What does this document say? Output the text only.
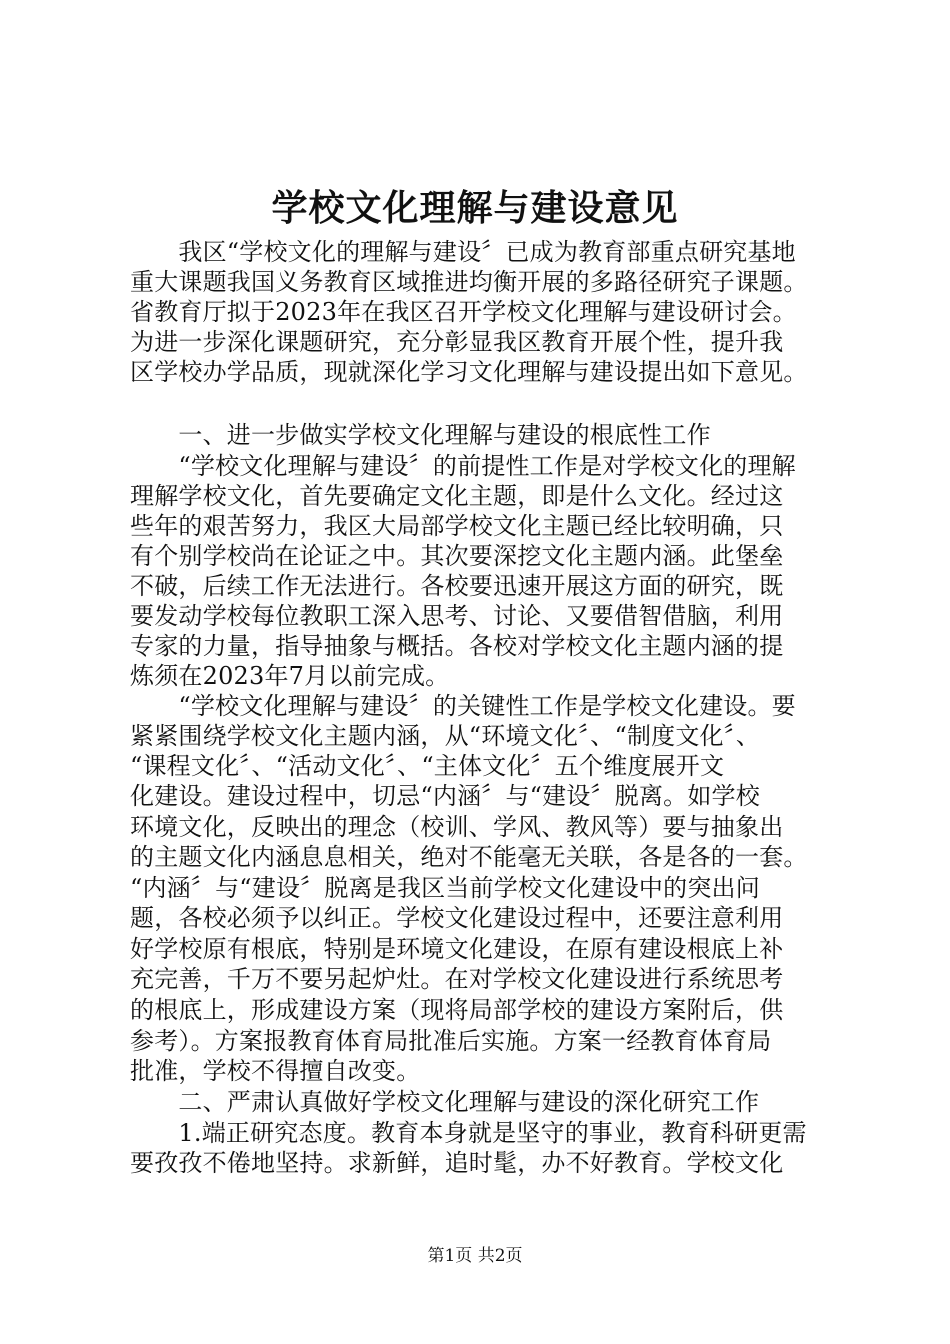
学校文化理解与建设意见
　　我区“学校文化的理解与建设〞已成为教育部重点研究基地
重大课题我国义务教育区域推进均衡开展的多路径研究子课题。
省教育厅拟于2023年在我区召开学校文化理解与建设研讨会。
为进一步深化课题研究，充分彰显我区教育开展个性，提升我
区学校办学品质，现就深化学习文化理解与建设提出如下意见。
　　一、进一步做实学校文化理解与建设的根底性工作
　　“学校文化理解与建设〞的前提性工作是对学校文化的理解
理解学校文化，首先要确定文化主题，即是什么文化。经过这
些年的艰苦努力，我区大局部学校文化主题已经比较明确，只
有个别学校尚在论证之中。其次要深挖文化主题内涵。此堡垒
不破，后续工作无法进行。各校要迅速开展这方面的研究，既
要发动学校每位教职工深入思考、讨论、又要借智借脑，利用
专家的力量，指导抽象与概括。各校对学校文化主题内涵的提
炼须在2023年7月以前完成。
　　“学校文化理解与建设〞的关键性工作是学校文化建设。要
紧紧围绕学校文化主题内涵，从“环境文化〞、“制度文化〞、
“课程文化〞、“活动文化〞、“主体文化〞五个维度展开文
化建设。建设过程中，切忌“内涵〞与“建设〞脱离。如学校
环境文化，反映出的理念（校训、学风、教风等）要与抽象出
的主题文化内涵息息相关，绝对不能毫无关联，各是各的一套。
“内涵〞与“建设〞脱离是我区当前学校文化建设中的突出问
题，各校必须予以纠正。学校文化建设过程中，还要注意利用
好学校原有根底，特别是环境文化建设，在原有建设根底上补
充完善，千万不要另起炉灶。在对学校文化建设进行系统思考
的根底上，形成建设方案（现将局部学校的建设方案附后，供
参考）。方案报教育体育局批准后实施。方案一经教育体育局
批准，学校不得擅自改变。
　　二、严肃认真做好学校文化理解与建设的深化研究工作
　　1.端正研究态度。教育本身就是坚守的事业，教育科研更需
要孜孜不倦地坚持。求新鲜，追时髦，办不好教育。学校文化
第1页 共2页
